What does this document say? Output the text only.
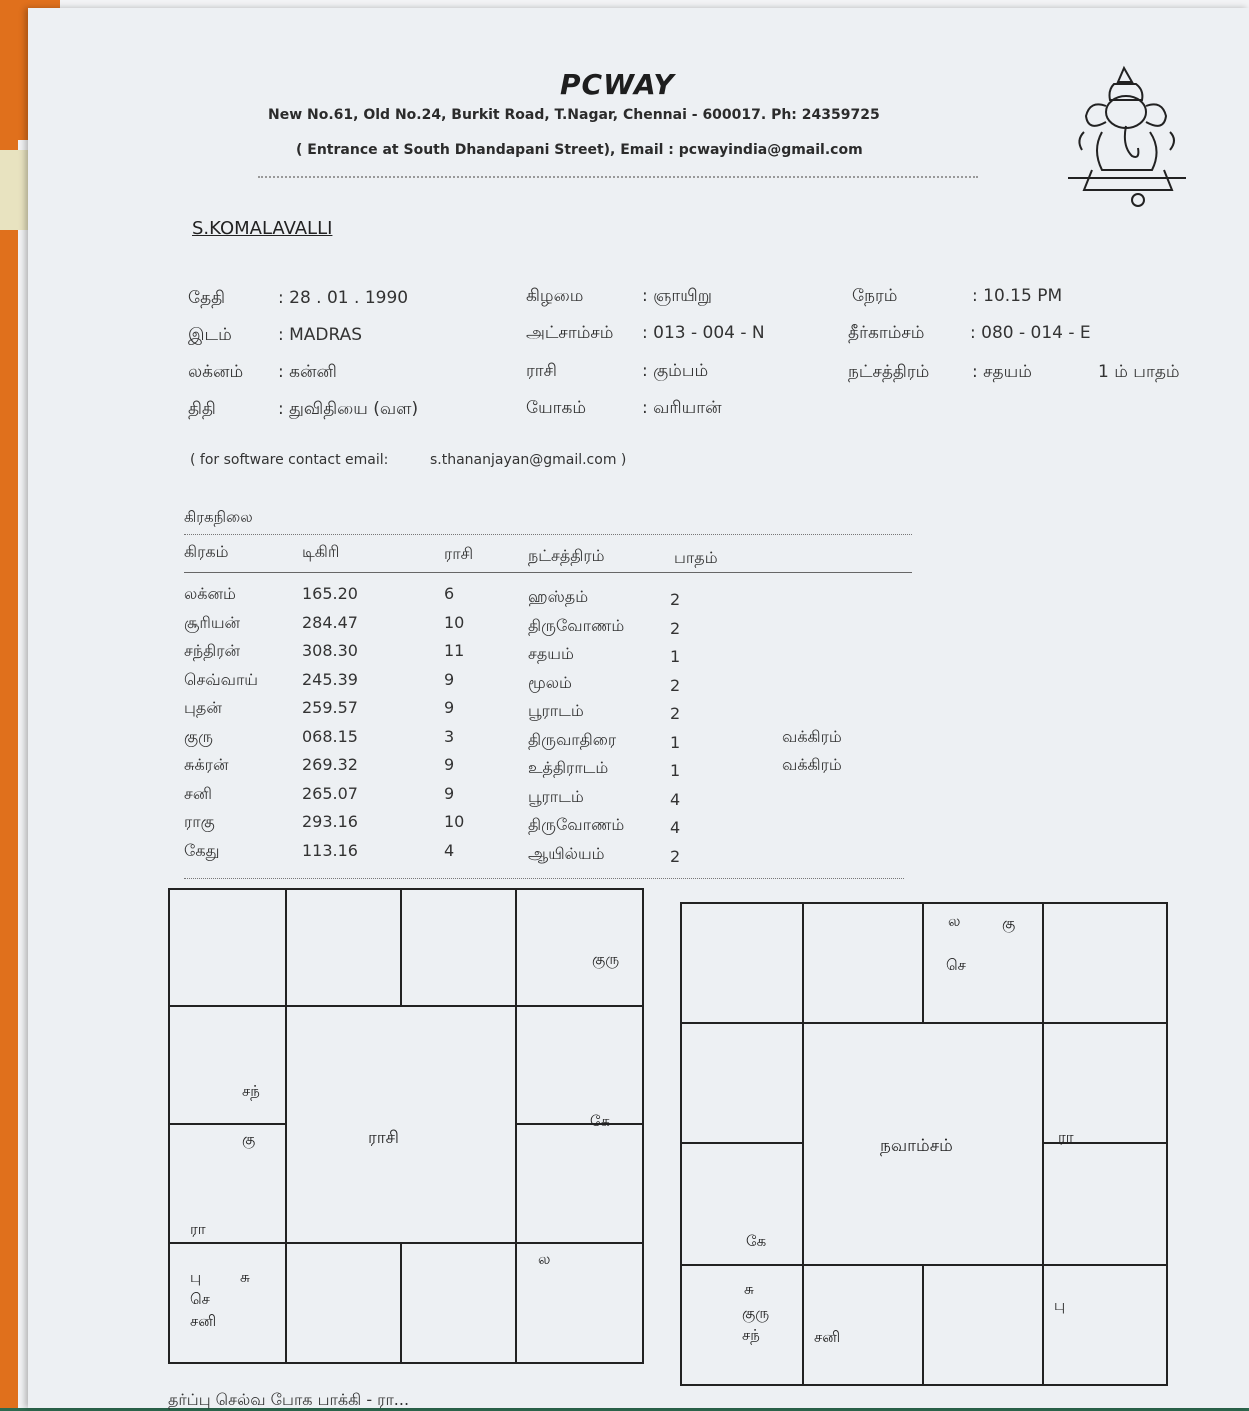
PCWAY
New No.61, Old No.24, Burkit Road, T.Nagar, Chennai - 600017. Ph: 24359725
( Entrance at South Dhandapani Street), Email : pcwayindia@gmail.com
S.KOMALAVALLI
தேதி	: 28 . 01 . 1990	கிழமை	: ஞாயிறு	நேரம்	: 10.15 PM
இடம்	: MADRAS	அட்சாம்சம் : 013 - 004 - N	தீர்காம்சம்	: 080 - 014 - E
லக்னம் : கன்னி	ராசி	: கும்பம்	நட்சத்திரம்	: சதயம்	1 ம் பாதம்
திதி	: துவிதியை (வள)	யோகம்	: வரியான்
( for software contact email:	s.thananjayan@gmail.com )
கிரகநிலை
கிரகம்	டிகிரி	ராசி	நட்சத்திரம்	பாதம்
லக்னம்	165.20	6	ஹஸ்தம்	2
சூரியன்	284.47	10	திருவோணம்	2
சந்திரன்	308.30	11	சதயம்	1
செவ்வாய்	245.39	9	மூலம்	2
புதன்	259.57	9	பூராடம்	2
குரு	068.15	3	திருவாதிரை	1	வக்கிரம்
சுக்ரன்	269.32	9	உத்திராடம்	1	வக்கிரம்
சனி	265.07	9	பூராடம்	4
ராகு	293.16	10	திருவோணம்	4
கேது	113.16	4	ஆயில்யம்	2
குரு
சந்
கு
ரா
கே
ராசி
பு	சு
செ
சனி
ல
ல	கு
செ
ரா
நவாம்சம்
கே
சு
குரு
சந்	சனி
பு
தர்ப்பு செல்வ போக பாக்கி - ரா...
